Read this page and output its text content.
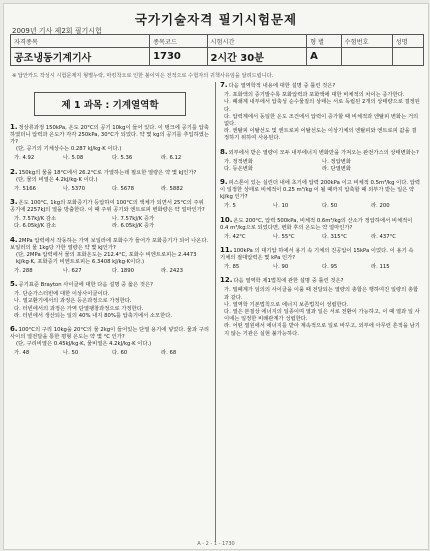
국가기술자격 필기시험문제
2009년 기사 제2회 필기시험
자격종목	종목코드	시험시간	형 별	수험번호	성명
공조냉동기계기사	1730	2시간 30분	A		
※ 답안카드 작성시 시험문제지 형별누락, 마킹착오로 인한 불이익은 전적으로 수험자의 귀책사유임을 알려드립니다.
제 1 과목 : 기계열역학
1.정상류과정 150kPa, 온도 20°C의 공기 10kg이 들어 있다. 이 탱크에 공기를 압축하였더니 압력과 온도가 각각 250kPa, 30°C가 되었다. 약 몇 kg의 공기를 추입하였는가?
(단, 공기의 기체상수는 0.287 kJ/kg·K 이다.)
가. 4.92	나. 5.08	다. 5.36	라. 6.12
2.150kg의 물을 18°C에서 26.2°C로 가열하는데 필요한 열량은 약 몇 kJ인가?
(단, 물의 비열은 4.2kJ/kg·K 이다.)
가. 5166	나. 5370	다. 5678	라. 5882
3.온도 100°C, 1kg의 포화증기가 등압하여 100°C의 액체가 되면서 25°C의 주위 공기에 2257kJ의 열을 방출한다. 이 때 주위 공기와 엔트로피 변화량은 약 얼마인가?
가. 7.57kJ/K 감소	나. 7.57kJ/K 증가
다. 6.05kJ/K 감소	라. 6.05kJ/K 증가
4.2MPa 압력에서 작동하는 가역 보일러에 포화수가 들어가 포화증기가 되어 나온다. 보일러의 물 1kg당 가한 열량은 약 몇 kJ인가?
(단, 2MPa 압력에서 물의 포화온도는 212.4°C, 포화수 비엔트로피는 2.4473 kJ/kg·K, 포화증기 비엔트로피는 6.3408 kJ/kg·K이다.)
가. 288	나. 627	다. 1890	라. 2423
5.공기표준 Brayton 사이클에 대한 다음 설명 중 옳은 것은?
가. 단순가스터빈에 대한 이상사이클이다.
나. 열교환기에서의 과정은 등온과정으로 가정한다.
다. 터빈에서의 과정은 가역 단열팽창과정으로 가정한다.
라. 터빈에서 생산되는 일의 40% 내지 80%를 압축기에서 소모한다.
6.100°C의 구리 10kg을 20°C의 물 2kg이 들어있는 단열 용기에 넣었다. 물과 구리 사이의 열전달을 통한 평형 온도는 약 몇 °C 인가?
(단, 구리비열은 0.45kJ/kg·K, 물비열은 4.2kJ/kg·K 이다.)
가. 48	나. 50	다. 60	라. 68
7.다음 열역학적 내용에 대한 설명 중 틀린 것은?
가. 포화액의 증기발수록 포화압력과 포화액에 대한 비체적의 차이는 증가한다.
나. 폐쇄계 내부에서 압축성 순수물질의 상태는 서로 독립된 2개의 상태량으로 결정된다.
다. 압력계에서 동일한 온도 조건에서 압력이 증가할 때 비체적과 엔탈피 변화는 거의 없다.
라. 엔탈피 이탈선도 및 엔트로피 이탈선도는 이상기체의 엔탈피와 엔트로피 값을 결정하기 위하여 사용된다.
8.외부에서 받은 열량이 모두 내부에너지 변화만을 가져오는 완전가스의 상태변화는?
가. 정적변화	나. 정압변화
다. 등온변화	라. 단열변화
9.피스톤이 있는 실린더 내에 초기에 압력 200kPa 이고 비체적 0.5m³/kg 이다. 압력이 일정한 상태로 비체적이 0.25 m³/kg 이 될 때까지 압축할 때 외부가 받는 일은 약 kJ/kg 인가?
가. 5	나. 10	다. 50	라. 200
10.온도 200°C, 압력 500kPa, 비체적 0.6m³/kg의 산소가 정압하에서 비체적이 0.4 m³/kg으로 되었다면, 변화 후의 온도는 약 얼마인가?
가. 42°C	나. 55°C	다. 315°C	라. 437°C
11.100kPa 의 대기압 하에서 용기 속 기체의 진공압이 15kPa 이었다. 이 용기 속 기체의 절대압력은 몇 kPa 인가?
가. 85	나. 90	다. 95	라. 115
12.다음 열역학 제1법칙에 관한 설명 중 틀린 것은?
가. 밀폐계가 임의의 사이클을 이룰 때 전달되는 열량의 총합은 행하여진 일량의 총합과 같다.
나. 열역학 기본법칙으로 에너지 보존법칙이 성립한다.
다. 열은 본질상 에너지의 일종이며 열과 일은 서로 전환이 가능하고, 이 때 열과 일 사이에는 일정한 비례관계가 성립한다.
라. 어떤 열원에서 에너지를 받아 계속적으로 일로 바꾸고, 외부에 아무런 흔적을 남기지 않는 기관은 실현 불가능하다.
A - 2 - 1 - 1730
